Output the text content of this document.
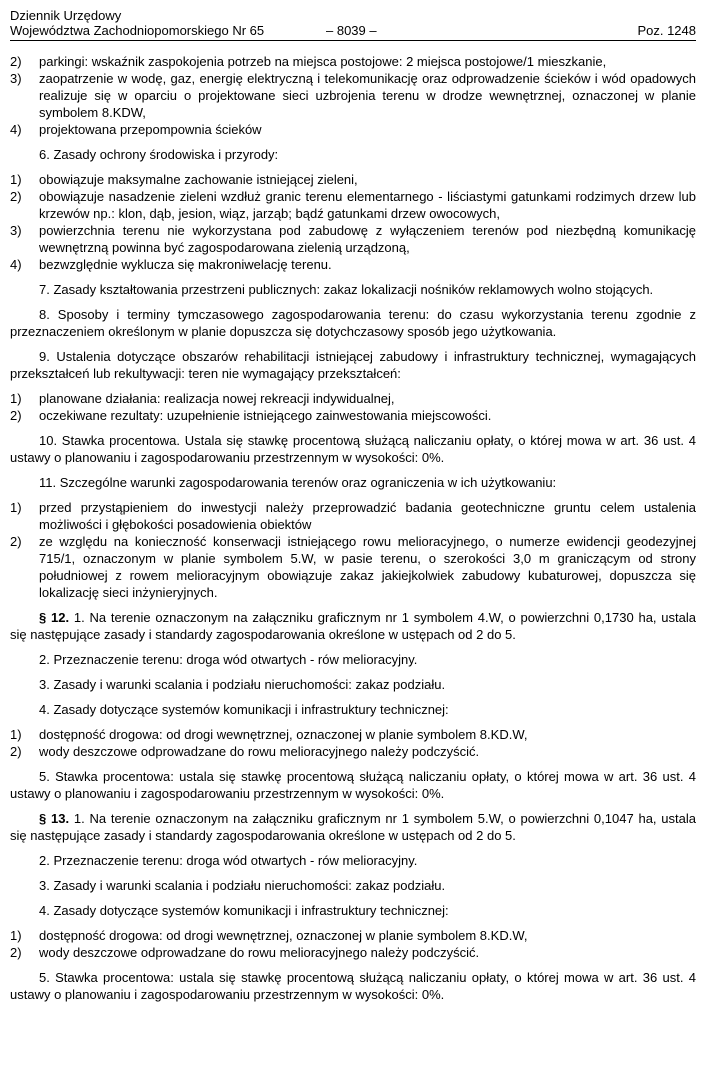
Dziennik Urzędowy
Województwa Zachodniopomorskiego Nr 65	– 8039 –	Poz. 1248
2) parkingi: wskaźnik zaspokojenia potrzeb na miejsca postojowe: 2 miejsca postojowe/1 mieszkanie,
3) zaopatrzenie w wodę, gaz, energię elektryczną i telekomunikację oraz odprowadzenie ścieków i wód opadowych realizuje się w oparciu o projektowane sieci uzbrojenia terenu w drodze wewnętrznej, oznaczonej w planie symbolem 8.KDW,
4) projektowana przepompownia ścieków
6. Zasady ochrony środowiska i przyrody:
1) obowiązuje maksymalne zachowanie istniejącej zieleni,
2) obowiązuje nasadzenie zieleni wzdłuż granic terenu elementarnego - liściastymi gatunkami rodzimych drzew lub krzewów np.: klon, dąb, jesion, wiąz, jarząb; bądź gatunkami drzew owocowych,
3) powierzchnia terenu nie wykorzystana pod zabudowę z wyłączeniem terenów pod niezbędną komunikację wewnętrzną powinna być zagospodarowana zielenią urządzoną,
4) bezwzględnie wyklucza się makroniwelację terenu.
7. Zasady kształtowania przestrzeni publicznych: zakaz lokalizacji nośników reklamowych wolno stojących.
8. Sposoby i terminy tymczasowego zagospodarowania terenu: do czasu wykorzystania terenu zgodnie z przeznaczeniem określonym w planie dopuszcza się dotychczasowy sposób jego użytkowania.
9. Ustalenia dotyczące obszarów rehabilitacji istniejącej zabudowy i infrastruktury technicznej, wymagających przekształceń lub rekultywacji: teren nie wymagający przekształceń:
1) planowane działania: realizacja nowej rekreacji indywidualnej,
2) oczekiwane rezultaty: uzupełnienie istniejącego zainwestowania miejscowości.
10. Stawka procentowa. Ustala się stawkę procentową służącą naliczaniu opłaty, o której mowa w art. 36 ust. 4 ustawy o planowaniu i zagospodarowaniu przestrzennym w wysokości: 0%.
11. Szczególne warunki zagospodarowania terenów oraz ograniczenia w ich użytkowaniu:
1) przed przystąpieniem do inwestycji należy przeprowadzić badania geotechniczne gruntu celem ustalenia możliwości i głębokości posadowienia obiektów
2) ze względu na konieczność konserwacji istniejącego rowu melioracyjnego, o numerze ewidencji geodezyjnej 715/1, oznaczonym w planie symbolem 5.W, w pasie terenu, o szerokości 3,0 m graniczącym od strony południowej z rowem melioracyjnym obowiązuje zakaz jakiejkolwiek zabudowy kubaturowej, dopuszcza się lokalizację sieci inżynieryjnych.
§ 12. 1. Na terenie oznaczonym na załączniku graficznym nr 1 symbolem 4.W, o powierzchni 0,1730 ha, ustala się następujące zasady i standardy zagospodarowania określone w ustępach od 2 do 5.
2. Przeznaczenie terenu: droga wód otwartych - rów melioracyjny.
3. Zasady i warunki scalania i podziału nieruchomości: zakaz podziału.
4. Zasady dotyczące systemów komunikacji i infrastruktury technicznej:
1) dostępność drogowa: od drogi wewnętrznej, oznaczonej w planie symbolem 8.KD.W,
2) wody deszczowe odprowadzane do rowu melioracyjnego należy podczyścić.
5. Stawka procentowa: ustala się stawkę procentową służącą naliczaniu opłaty, o której mowa w art. 36 ust. 4 ustawy o planowaniu i zagospodarowaniu przestrzennym w wysokości: 0%.
§ 13. 1. Na terenie oznaczonym na załączniku graficznym nr 1 symbolem 5.W, o powierzchni 0,1047 ha, ustala się następujące zasady i standardy zagospodarowania określone w ustępach od 2 do 5.
2. Przeznaczenie terenu: droga wód otwartych - rów melioracyjny.
3. Zasady i warunki scalania i podziału nieruchomości: zakaz podziału.
4. Zasady dotyczące systemów komunikacji i infrastruktury technicznej:
1) dostępność drogowa: od drogi wewnętrznej, oznaczonej w planie symbolem 8.KD.W,
2) wody deszczowe odprowadzane do rowu melioracyjnego należy podczyścić.
5. Stawka procentowa: ustala się stawkę procentową służącą naliczaniu opłaty, o której mowa w art. 36 ust. 4 ustawy o planowaniu i zagospodarowaniu przestrzennym w wysokości: 0%.
